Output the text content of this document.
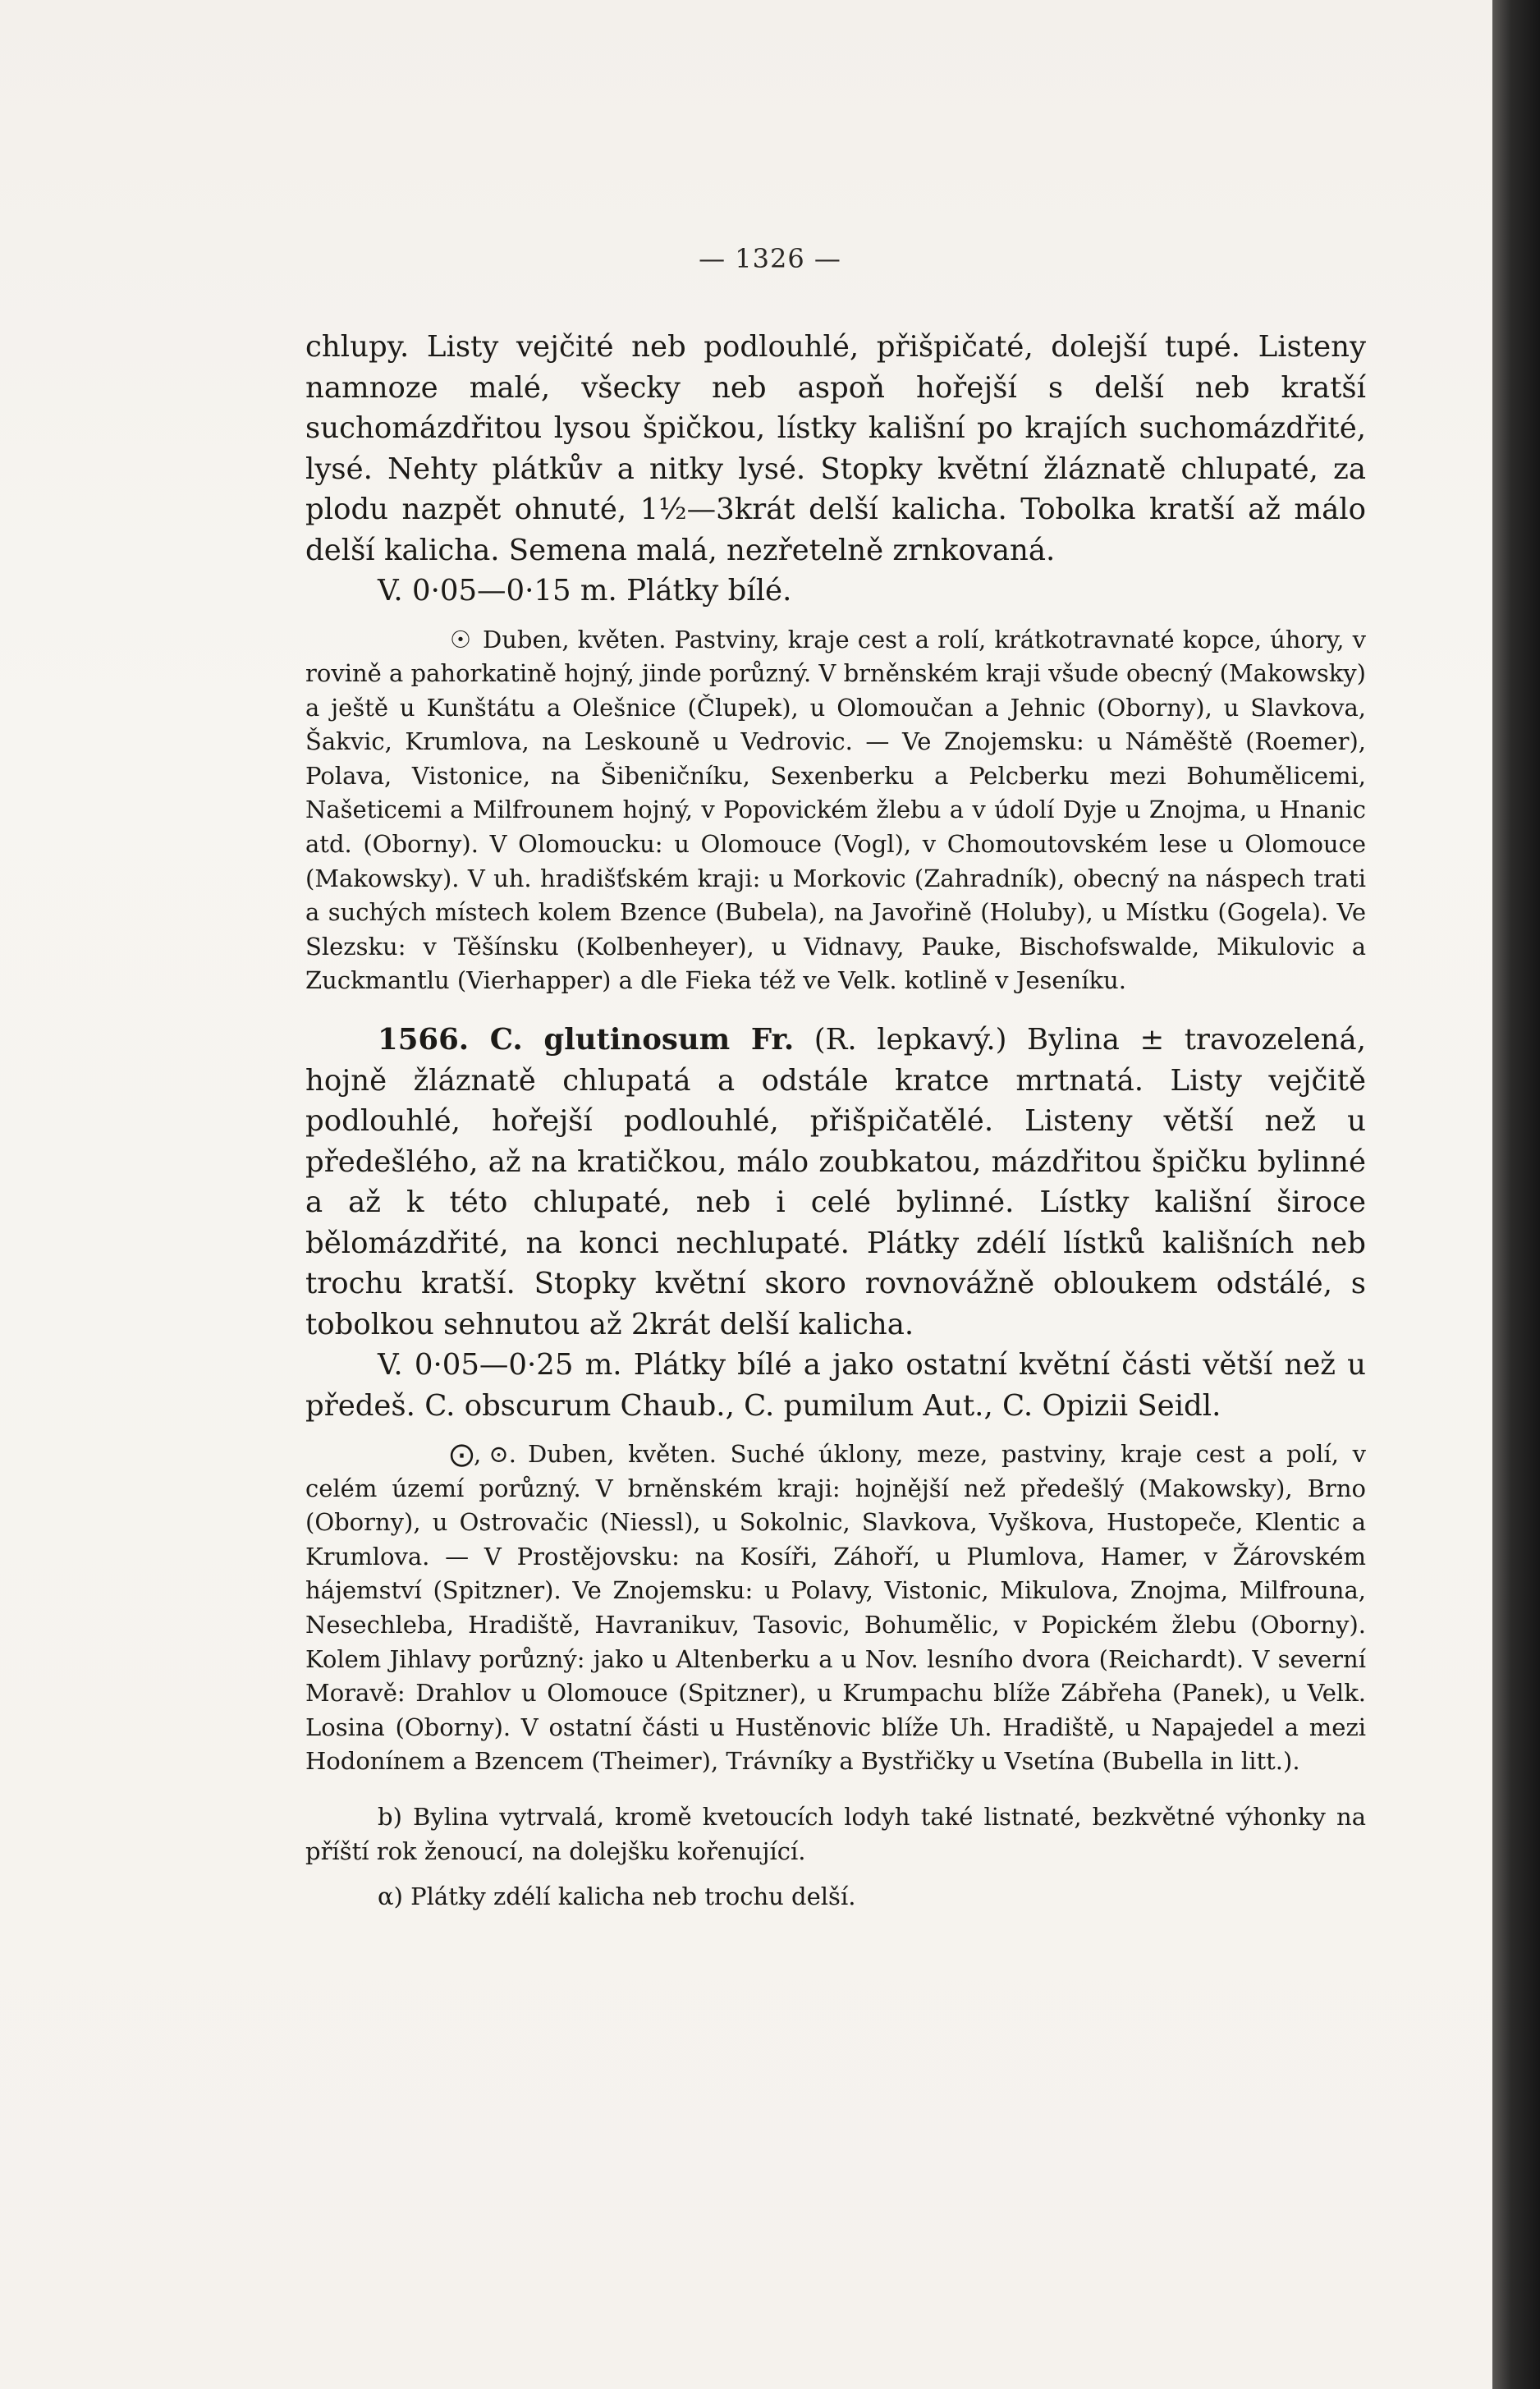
— 1326 —

chlupy. Listy vejčité neb podlouhlé, přišpičaté, dolejší tupé. Listeny namnoze malé, všecky neb aspoň hořejší s delší neb kratší suchomázdřitou lysou špičkou, lístky kališní po krajích suchomázdřité, lysé. Nehty plátkův a nitky lysé. Stopky květní žláznatě chlupaté, za plodu nazpět ohnuté, 1½—3krát delší kalicha. Tobolka kratší až málo delší kalicha. Semena malá, nezřetelně zrnkovaná.

V. 0·05—0·15 m. Plátky bílé.

☉ Duben, květen. Pastviny, kraje cest a rolí, krátkotravnaté kopce, úhory, v rovině a pahorkatině hojný, jinde porůzný. V brněnském kraji všude obecný (Makowsky) a ještě u Kunštátu a Olešnice (Člupek), u Olomoučan a Jehnic (Oborny), u Slavkova, Šakvic, Krumlova, na Leskouně u Vedrovic. — Ve Znojemsku: u Náměště (Roemer), Polava, Vistonice, na Šibeničníku, Sexenberku a Pelcberku mezi Bohumělicemi, Našeticemi a Milfrounem hojný, v Popovickém žlebu a v údolí Dyje u Znojma, u Hnanic atd. (Oborny). V Olomoucku: u Olomouce (Vogl), v Chomoutovském lese u Olomouce (Makowsky). V uh. hradišťském kraji: u Morkovic (Zahradník), obecný na náspech trati a suchých místech kolem Bzence (Bubela), na Javořině (Holuby), u Místku (Gogela). Ve Slezsku: v Těšínsku (Kolbenheyer), u Vidnavy, Pauke, Bischofswalde, Mikulovic a Zuckmantlu (Vierhapper) a dle Fieka též ve Velk. kotlině v Jeseníku.

1566. C. glutinosum Fr. (R. lepkavý.) Bylina ± travozelená, hojně žláznatě chlupatá a odstále kratce mrtnatá. Listy vejčitě podlouhlé, hořejší podlouhlé, přišpičatělé. Listeny větší než u předešlého, až na kratičkou, málo zoubkatou, mázdřitou špičku bylinné a až k této chlupaté, neb i celé bylinné. Lístky kališní široce bělomázdřité, na konci nechlupaté. Plátky zdélí lístků kališních neb trochu kratší. Stopky květní skoro rovnovážně obloukem odstálé, s tobolkou sehnutou až 2krát delší kalicha.

V. 0·05—0·25 m. Plátky bílé a jako ostatní květní části větší než u předeš. C. obscurum Chaub., C. pumilum Aut., C. Opizii Seidl.

⨀, ⊙. Duben, květen. Suché úklony, meze, pastviny, kraje cest a polí, v celém území porůzný. V brněnském kraji: hojnější než předešlý (Makowsky), Brno (Oborny), u Ostrovačic (Niessl), u Sokolnic, Slavkova, Vyškova, Hustopeče, Klentic a Krumlova. — V Prostějovsku: na Kosíři, Záhoří, u Plumlova, Hamer, v Žárovském hájemství (Spitzner). Ve Znojemsku: u Polavy, Vistonic, Mikulova, Znojma, Milfrouna, Nesechleba, Hradiště, Havranikuv, Tasovic, Bohumělic, v Popickém žlebu (Oborny). Kolem Jihlavy porůzný: jako u Altenberku a u Nov. lesního dvora (Reichardt). V severní Moravě: Drahlov u Olomouce (Spitzner), u Krumpachu blíže Zábřeha (Panek), u Velk. Losina (Oborny). V ostatní části u Hustěnovic blíže Uh. Hradiště, u Napajedel a mezi Hodonínem a Bzencem (Theimer), Trávníky a Bystřičky u Vsetína (Bubella in litt.).

b) Bylina vytrvalá, kromě kvetoucích lodyh také listnaté, bezkvětné výhonky na příští rok ženoucí, na dolejšku kořenující.

α) Plátky zdélí kalicha neb trochu delší.
